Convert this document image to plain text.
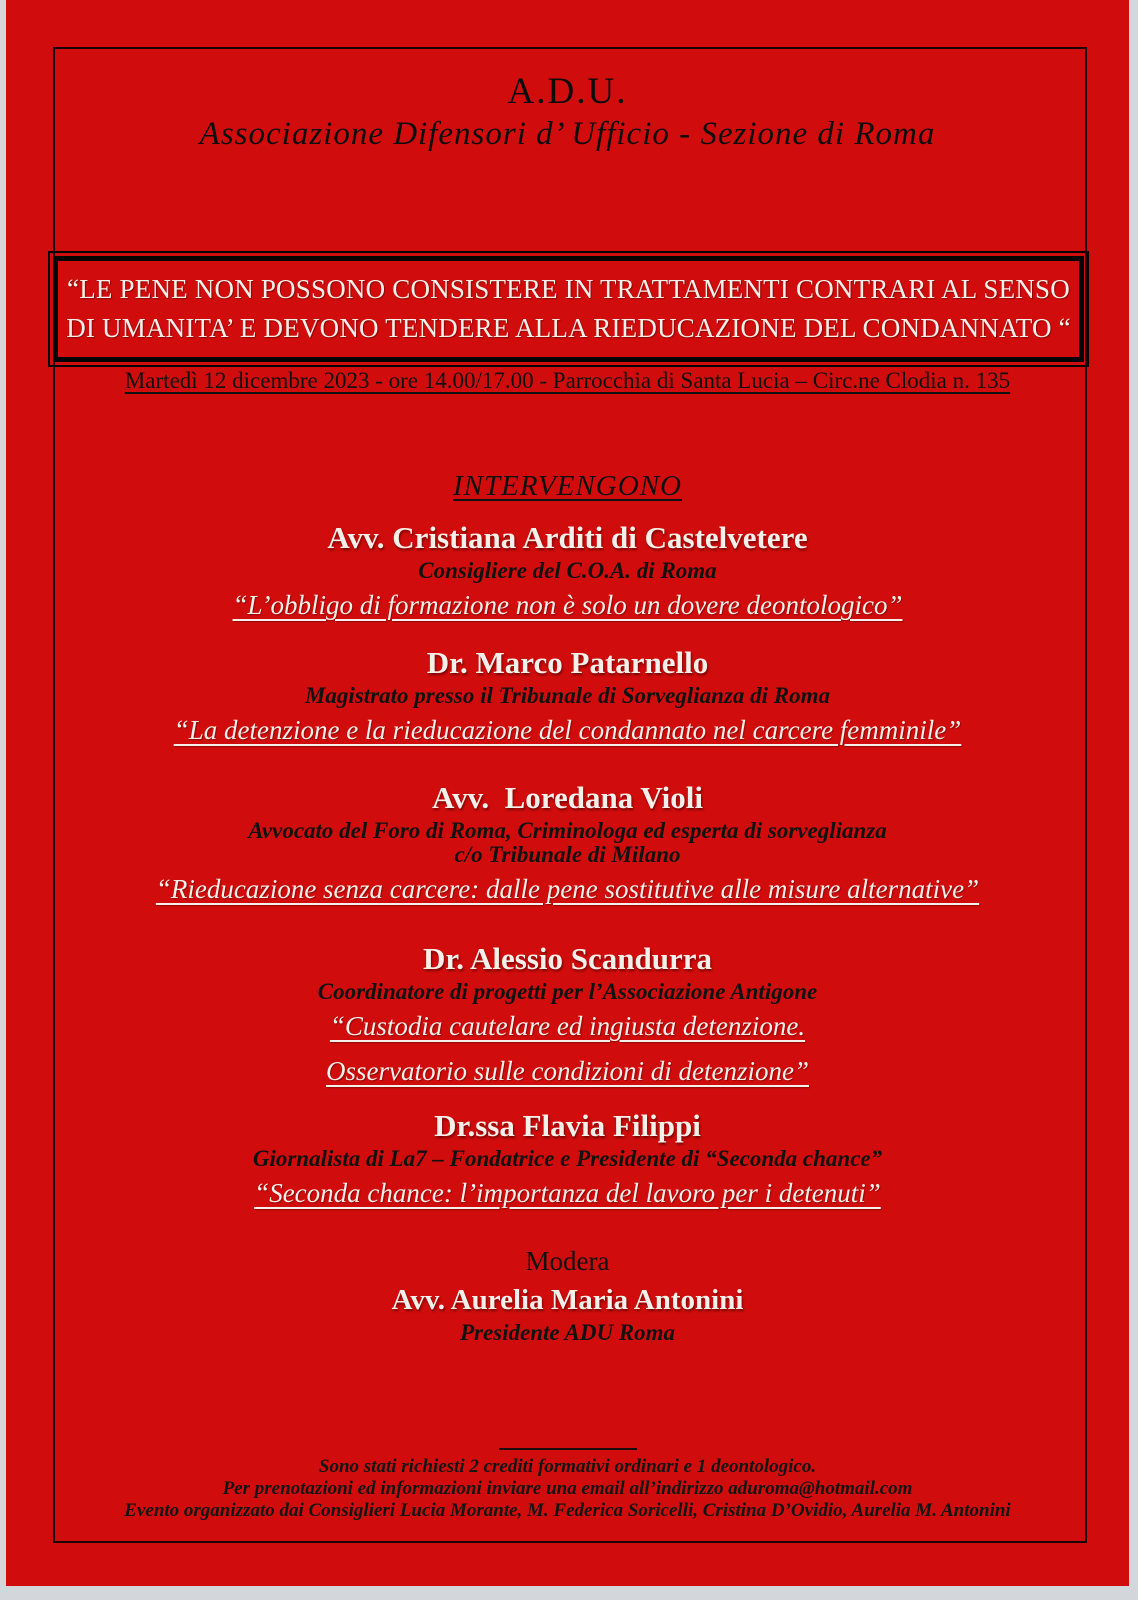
A.D.U.
Associazione Difensori d’ Ufficio - Sezione di Roma
“LE PENE NON POSSONO CONSISTERE IN TRATTAMENTI CONTRARI AL SENSO
DI UMANITA’ E DEVONO TENDERE ALLA RIEDUCAZIONE DEL CONDANNATO “
Martedì 12 dicembre 2023 - ore 14.00/17.00 - Parrocchia di Santa Lucia – Circ.ne Clodia n. 135
INTERVENGONO
Avv. Cristiana Arditi di Castelvetere
Consigliere del C.O.A. di Roma
“L’obbligo di formazione non è solo un dovere deontologico”
Dr. Marco Patarnello
Magistrato presso il Tribunale di Sorveglianza di Roma
“La detenzione e la rieducazione del condannato nel carcere femminile”
Avv.  Loredana Violi
Avvocato del Foro di Roma, Criminologa ed esperta di sorveglianza
c/o Tribunale di Milano
“Rieducazione senza carcere: dalle pene sostitutive alle misure alternative”
Dr. Alessio Scandurra
Coordinatore di progetti per l’Associazione Antigone
“Custodia cautelare ed ingiusta detenzione.
Osservatorio sulle condizioni di detenzione”
Dr.ssa Flavia Filippi
Giornalista di La7 – Fondatrice e Presidente di “Seconda chance”
“Seconda chance: l’importanza del lavoro per i detenuti”
Modera
Avv. Aurelia Maria Antonini
Presidente ADU Roma
Sono stati richiesti 2 crediti formativi ordinari e 1 deontologico.
Per prenotazioni ed informazioni inviare una email all’indirizzo aduroma@hotmail.com
Evento organizzato dai Consiglieri Lucia Morante, M. Federica Soricelli, Cristina D’Ovidio, Aurelia M. Antonini
